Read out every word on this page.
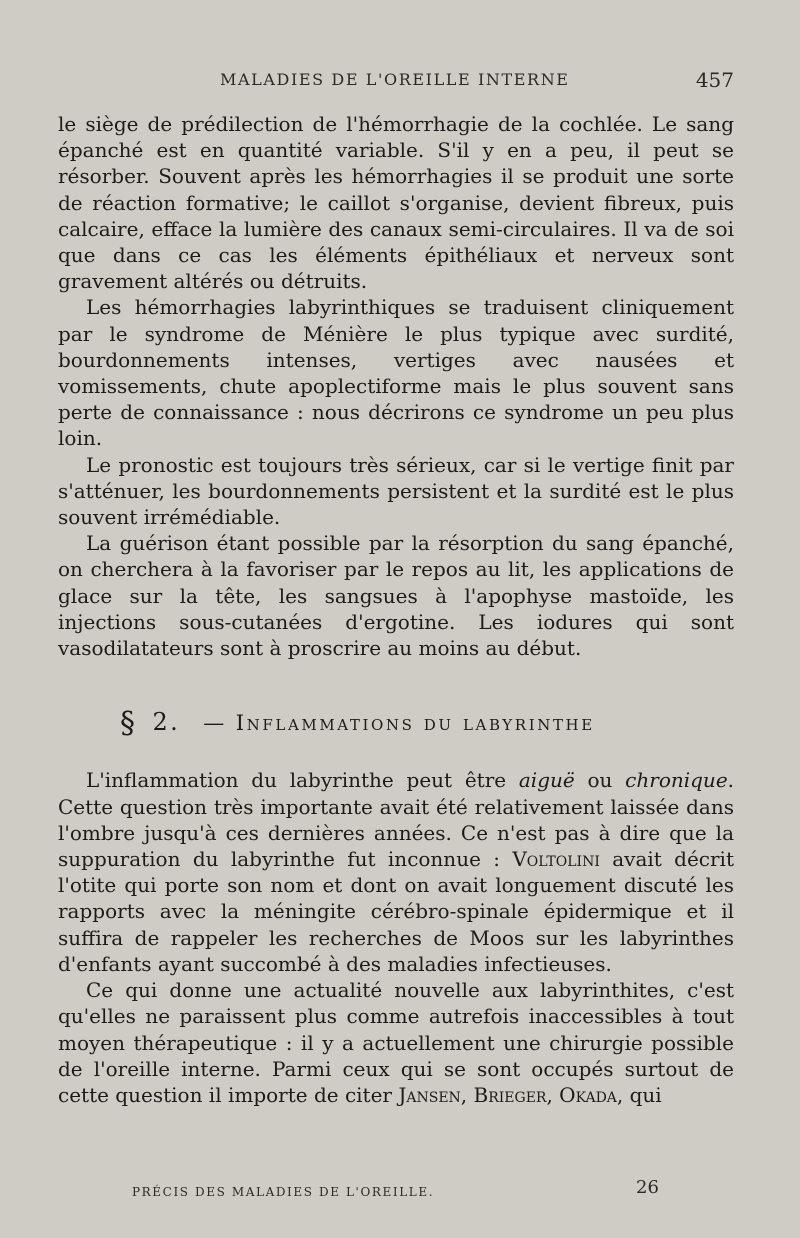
MALADIES DE L'OREILLE INTERNE	457

le siège de prédilection de l'hémorrhagie de la cochlée. Le sang épanché est en quantité variable. S'il y en a peu, il peut se résorber. Souvent après les hémorrhagies il se produit une sorte de réaction formative; le caillot s'organise, devient fibreux, puis calcaire, efface la lumière des canaux semi-circulaires. Il va de soi que dans ce cas les éléments épithéliaux et nerveux sont gravement altérés ou détruits.

Les hémorrhagies labyrinthiques se traduisent cliniquement par le syndrome de Ménière le plus typique avec surdité, bourdonnements intenses, vertiges avec nausées et vomissements, chute apoplectiforme mais le plus souvent sans perte de connaissance : nous décrirons ce syndrome un peu plus loin.

Le pronostic est toujours très sérieux, car si le vertige finit par s'atténuer, les bourdonnements persistent et la surdité est le plus souvent irrémédiable.

La guérison étant possible par la résorption du sang épanché, on cherchera à la favoriser par le repos au lit, les applications de glace sur la tête, les sangsues à l'apophyse mastoïde, les injections sous-cutanées d'ergotine. Les iodures qui sont vasodilatateurs sont à proscrire au moins au début.

§ 2. — Inflammations du labyrinthe

L'inflammation du labyrinthe peut être aiguë ou chronique. Cette question très importante avait été relativement laissée dans l'ombre jusqu'à ces dernières années. Ce n'est pas à dire que la suppuration du labyrinthe fut inconnue : Voltolini avait décrit l'otite qui porte son nom et dont on avait longuement discuté les rapports avec la méningite cérébro-spinale épidermique et il suffira de rappeler les recherches de Moos sur les labyrinthes d'enfants ayant succombé à des maladies infectieuses.

Ce qui donne une actualité nouvelle aux labyrinthites, c'est qu'elles ne paraissent plus comme autrefois inaccessibles à tout moyen thérapeutique : il y a actuellement une chirurgie possible de l'oreille interne. Parmi ceux qui se sont occupés surtout de cette question il importe de citer Jansen, Brieger, Okada, qui

PRÉCIS DES MALADIES DE L'OREILLE.	26
